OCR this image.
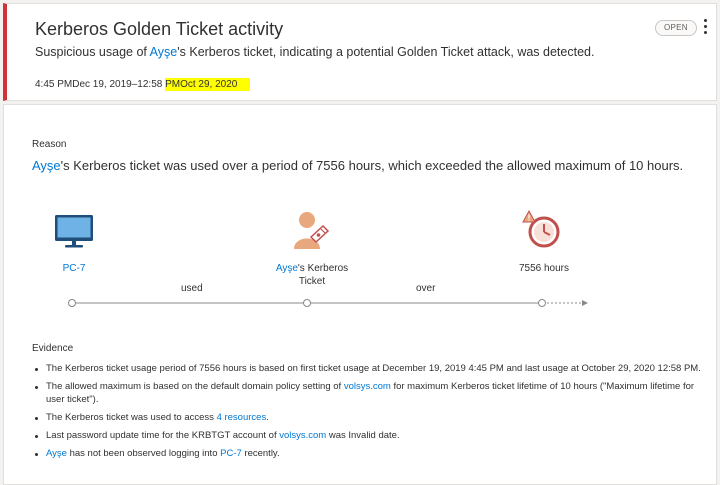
Kerberos Golden Ticket activity
Suspicious usage of Ayşe's Kerberos ticket, indicating a potential Golden Ticket attack, was detected.
4:45 PMDec 19, 2019–12:58 PMOct 29, 2020
OPEN
Reason
Ayşe's Kerberos ticket was used over a period of 7556 hours, which exceeded the allowed maximum of 10 hours.
PC-7	Ayşe's Kerberos
Ticket
7556 hours
used	over
Evidence
The Kerberos ticket usage period of 7556 hours is based on first ticket usage at December 19, 2019 4:45 PM and last usage at October 29, 2020 12:58 PM.
The allowed maximum is based on the default domain policy setting of volsys.com for maximum Kerberos ticket lifetime of 10 hours ("Maximum lifetime for user ticket").
The Kerberos ticket was used to access 4 resources.
Last password update time for the KRBTGT account of volsys.com was Invalid date.
Ayşe has not been observed logging into PC-7 recently.
